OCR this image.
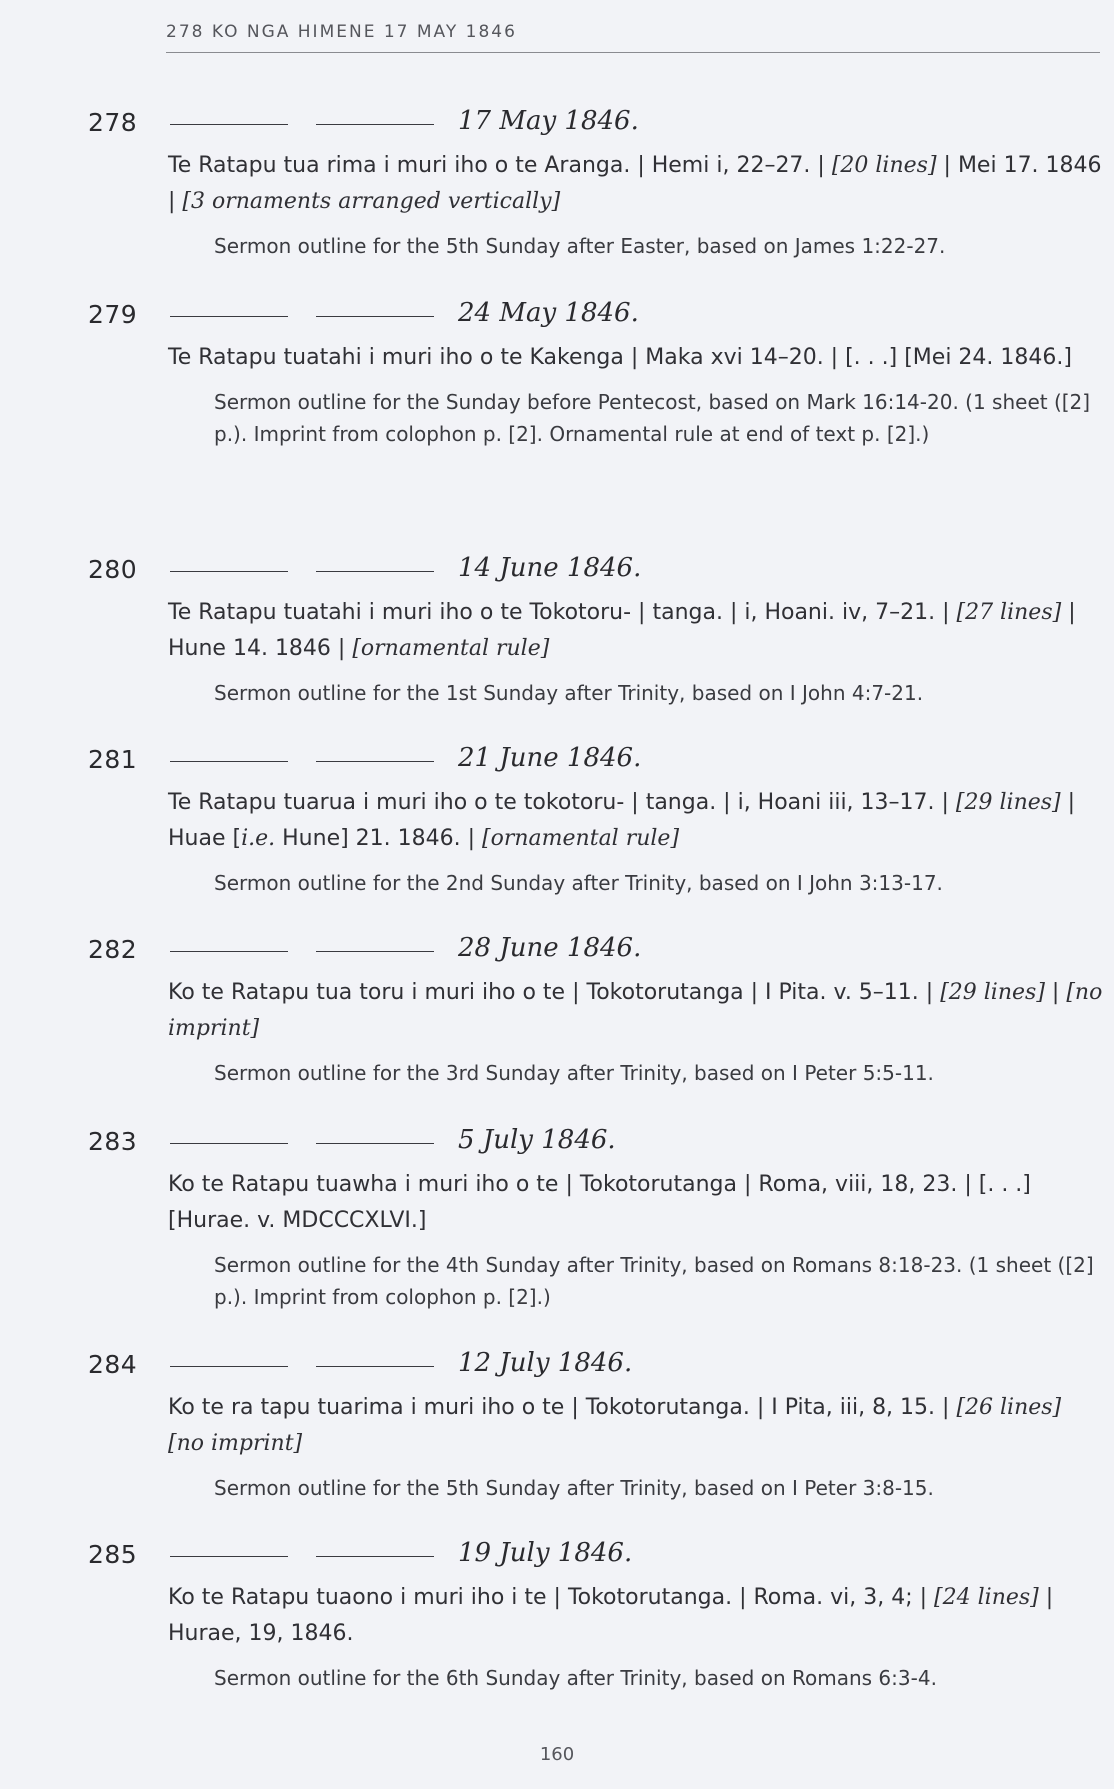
278 KO NGA HIMENE 17 MAY 1846
278	17 May 1846.
Te Ratapu tua rima i muri iho o te Aranga. | Hemi i, 22–27. | [20 lines] | Mei 17. 1846 | [3 ornaments arranged vertically]
Sermon outline for the 5th Sunday after Easter, based on James 1:22-27.
279	24 May 1846.
Te Ratapu tuatahi i muri iho o te Kakenga | Maka xvi 14–20. | [. . .] [Mei 24. 1846.]
Sermon outline for the Sunday before Pentecost, based on Mark 16:14-20. (1 sheet ([2] p.). Imprint from colophon p. [2]. Ornamental rule at end of text p. [2].)
280	14 June 1846.
Te Ratapu tuatahi i muri iho o te Tokotoru- | tanga. | i, Hoani. iv, 7–21. | [27 lines] | Hune 14. 1846 | [ornamental rule]
Sermon outline for the 1st Sunday after Trinity, based on I John 4:7-21.
281	21 June 1846.
Te Ratapu tuarua i muri iho o te tokotoru- | tanga. | i, Hoani iii, 13–17. | [29 lines] | Huae [i.e. Hune] 21. 1846. | [ornamental rule]
Sermon outline for the 2nd Sunday after Trinity, based on I John 3:13-17.
282	28 June 1846.
Ko te Ratapu tua toru i muri iho o te | Tokotorutanga | I Pita. v. 5–11. | [29 lines] | [no imprint]
Sermon outline for the 3rd Sunday after Trinity, based on I Peter 5:5-11.
283	5 July 1846.
Ko te Ratapu tuawha i muri iho o te | Tokotorutanga | Roma, viii, 18, 23. | [. . .] [Hurae. v. MDCCCXLVI.]
Sermon outline for the 4th Sunday after Trinity, based on Romans 8:18-23. (1 sheet ([2] p.). Imprint from colophon p. [2].)
284	12 July 1846.
Ko te ra tapu tuarima i muri iho o te | Tokotorutanga. | I Pita, iii, 8, 15. | [26 lines] [no imprint]
Sermon outline for the 5th Sunday after Trinity, based on I Peter 3:8-15.
285	19 July 1846.
Ko te Ratapu tuaono i muri iho i te | Tokotorutanga. | Roma. vi, 3, 4; | [24 lines] | Hurae, 19, 1846.
Sermon outline for the 6th Sunday after Trinity, based on Romans 6:3-4.
160
